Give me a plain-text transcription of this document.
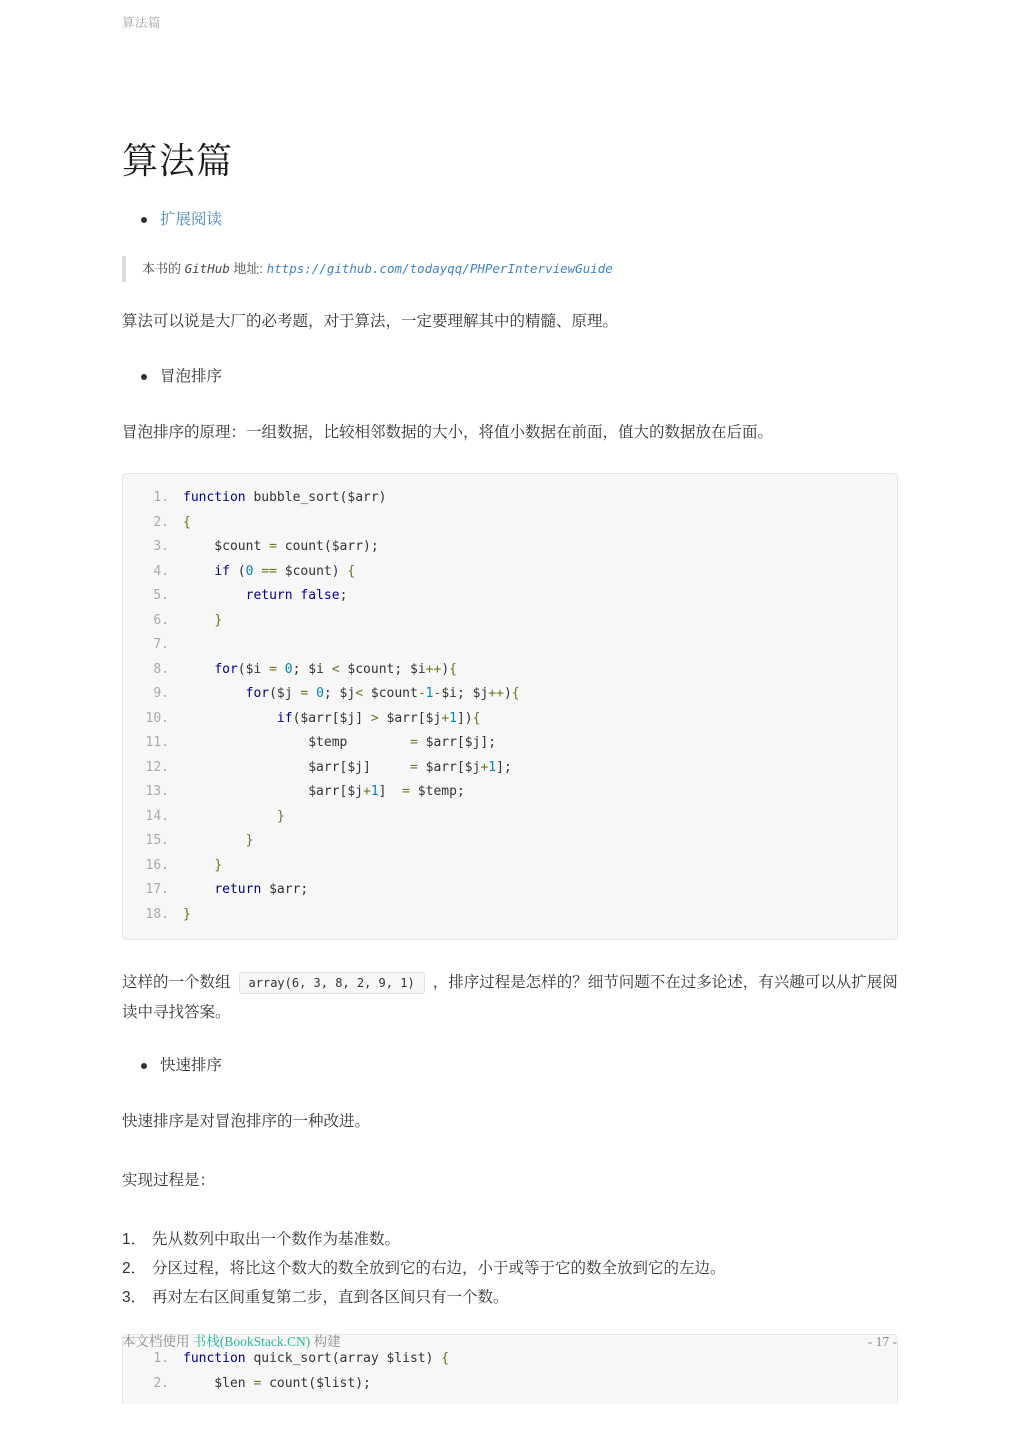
算法篇
算法篇
扩展阅读
本书的 GitHub 地址: https://github.com/todayqq/PHPerInterviewGuide

算法可以说是大厂的必考题，对于算法，一定要理解其中的精髓、原理。

冒泡排序

冒泡排序的原理：一组数据，比较相邻数据的大小，将值小数据在前面，值大的数据放在后面。

1. function bubble_sort($arr)
2. {
3. $count = count($arr);
4.	if (0 == $count) {
5.	return false;
6.	}
7.

8.	for($i = 0; $i < $count; $i++){
9.	for($j = 0; $j< $count-1-$i; $j++){
10.	if($arr[$j] > $arr[$j+1]){
11. $temp        = $arr[$j];
12. $arr[$j]     = $arr[$j+1];
13. $arr[$j+1]  = $temp;
14.	}
15.	}
16.	}
17.	return $arr;
18. }

这样的一个数组 array(6, 3, 8, 2, 9, 1) ，排序过程是怎样的？细节问题不在过多论述，有兴趣可以从扩展阅读中寻找答案。

快速排序

快速排序是对冒泡排序的一种改进。

实现过程是：

1． 先从数列中取出一个数作为基准数。
2． 分区过程，将比这个数大的数全放到它的右边，小于或等于它的数全放到它的左边。
3． 再对左右区间重复第二步，直到各区间只有一个数。
1. function quick_sort(array $list) {
2. $len = count($list);
本文档使用 书栈(BookStack.CN) 构建	- 17 -
